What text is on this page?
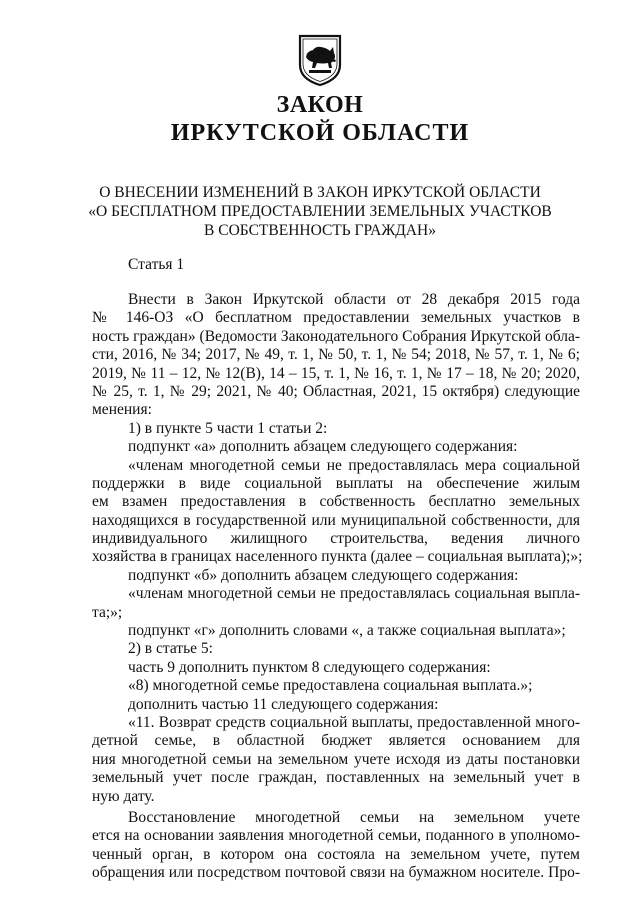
ЗАКОН
ИРКУТСКОЙ ОБЛАСТИ
О ВНЕСЕНИИ ИЗМЕНЕНИЙ В ЗАКОН ИРКУТСКОЙ ОБЛАСТИ
«О БЕСПЛАТНОМ ПРЕДОСТАВЛЕНИИ ЗЕМЕЛЬНЫХ УЧАСТКОВ
В СОБСТВЕННОСТЬ ГРАЖДАН»
Статья 1
Внести в Закон Иркутской области от 28 декабря 2015 года
№ 146-ОЗ «О бесплатном предоставлении земельных участков в
ность граждан» (Ведомости Законодательного Собрания Иркутской обла-
сти, 2016, № 34; 2017, № 49, т. 1, № 50, т. 1, № 54; 2018, № 57, т. 1, № 6;
2019, № 11 – 12, № 12(В), 14 – 15, т. 1, № 16, т. 1, № 17 – 18, № 20; 2020,
№ 25, т. 1, № 29; 2021, № 40; Областная, 2021, 15 октября) следующие
менения:
1) в пункте 5 части 1 статьи 2:
подпункт «а» дополнить абзацем следующего содержания:
«членам многодетной семьи не предоставлялась мера социальной
поддержки в виде социальной выплаты на обеспечение жилым
ем взамен предоставления в собственность бесплатно земельных
находящихся в государственной или муниципальной собственности, для
индивидуального жилищного строительства, ведения личного
хозяйства в границах населенного пункта (далее – социальная выплата);»;
подпункт «б» дополнить абзацем следующего содержания:
«членам многодетной семьи не предоставлялась социальная выпла-
та;»;
подпункт «г» дополнить словами «, а также социальная выплата»;
2) в статье 5:
часть 9 дополнить пунктом 8 следующего содержания:
«8) многодетной семье предоставлена социальная выплата.»;
дополнить частью 11 следующего содержания:
«11. Возврат средств социальной выплаты, предоставленной много-
детной семье, в областной бюджет является основанием для
ния многодетной семьи на земельном учете исходя из даты постановки
земельный учет после граждан, поставленных на земельный учет в
ную дату.
Восстановление многодетной семьи на земельном учете
ется на основании заявления многодетной семьи, поданного в уполномо-
ченный орган, в котором она состояла на земельном учете, путем
обращения или посредством почтовой связи на бумажном носителе. Про-
